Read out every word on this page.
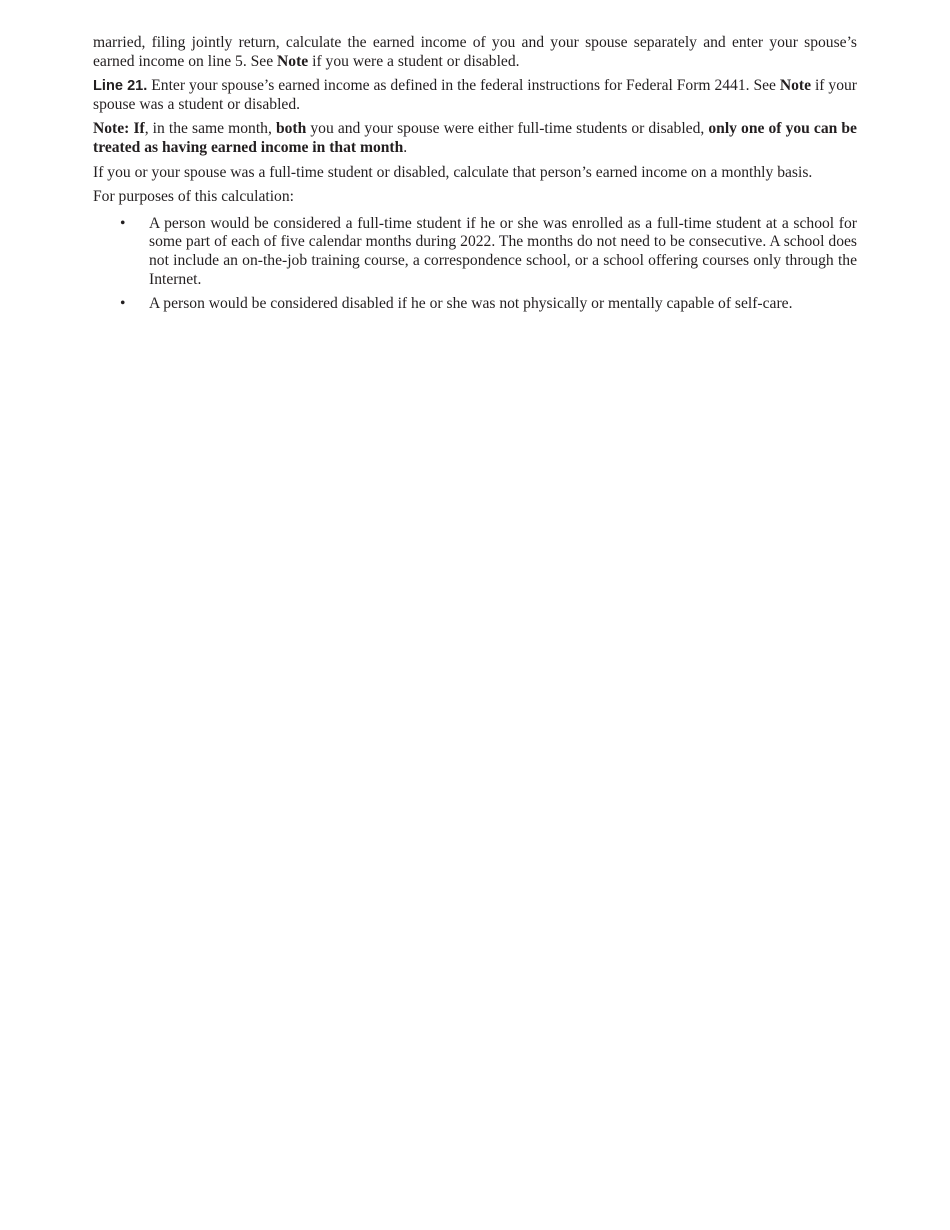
married, filing jointly return, calculate the earned income of you and your spouse separately and enter your spouse’s earned income on line 5. See Note if you were a student or disabled.

Line 21. Enter your spouse’s earned income as defined in the federal instructions for Federal Form 2441. See Note if your spouse was a student or disabled.

Note: If, in the same month, both you and your spouse were either full-time students or disabled, only one of you can be treated as having earned income in that month.

If you or your spouse was a full-time student or disabled, calculate that person’s earned income on a monthly basis.

For purposes of this calculation:

• A person would be considered a full-time student if he or she was enrolled as a full-time student at a school for some part of each of five calendar months during 2022. The months do not need to be consecutive. A school does not include an on-the-job training course, a correspondence school, or a school offering courses only through the Internet.
• A person would be considered disabled if he or she was not physically or mentally capable of self-care.
